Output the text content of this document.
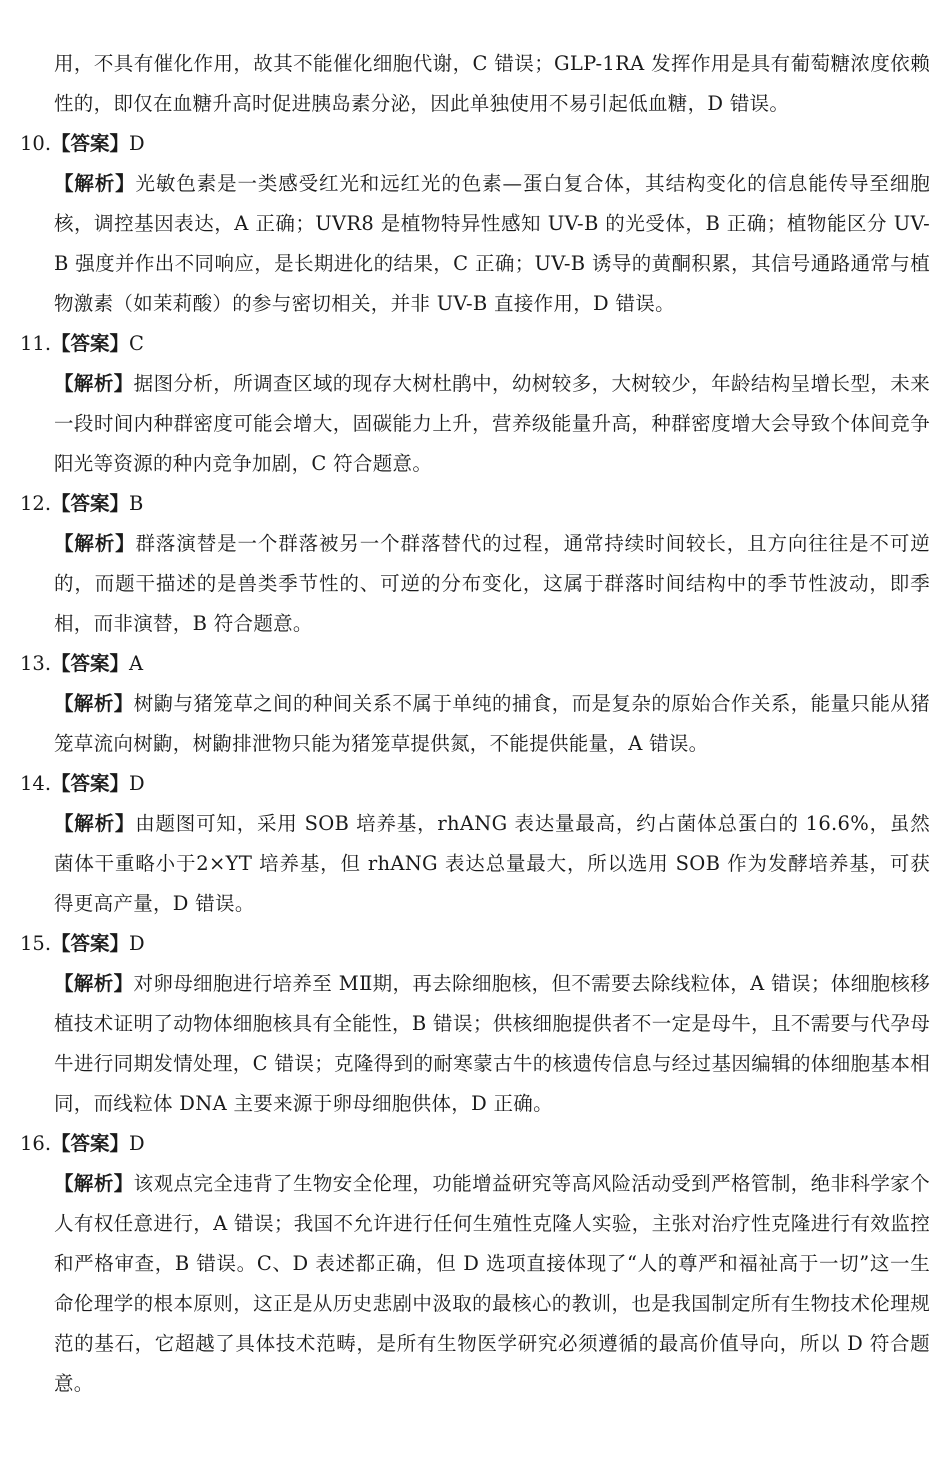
用，不具有催化作用，故其不能催化细胞代谢，C 错误；GLP-1RA 发挥作用是具有葡萄糖浓度依赖性的，即仅在血糖升高时促进胰岛素分泌，因此单独使用不易引起低血糖，D 错误。

10.【答案】D

【解析】光敏色素是一类感受红光和远红光的色素—蛋白复合体，其结构变化的信息能传导至细胞核，调控基因表达，A 正确；UVR8 是植物特异性感知 UV-B 的光受体，B 正确；植物能区分 UV-B 强度并作出不同响应，是长期进化的结果，C 正确；UV-B 诱导的黄酮积累，其信号通路通常与植物激素（如茉莉酸）的参与密切相关，并非 UV-B 直接作用，D 错误。

11.【答案】C

【解析】据图分析，所调查区域的现存大树杜鹃中，幼树较多，大树较少，年龄结构呈增长型，未来一段时间内种群密度可能会增大，固碳能力上升，营养级能量升高，种群密度增大会导致个体间竞争阳光等资源的种内竞争加剧，C 符合题意。

12.【答案】B

【解析】群落演替是一个群落被另一个群落替代的过程，通常持续时间较长，且方向往往是不可逆的，而题干描述的是兽类季节性的、可逆的分布变化，这属于群落时间结构中的季节性波动，即季相，而非演替，B 符合题意。

13.【答案】A

【解析】树鼩与猪笼草之间的种间关系不属于单纯的捕食，而是复杂的原始合作关系，能量只能从猪笼草流向树鼩，树鼩排泄物只能为猪笼草提供氮，不能提供能量，A 错误。

14.【答案】D

【解析】由题图可知，采用 SOB 培养基，rhANG 表达量最高，约占菌体总蛋白的 16.6%，虽然菌体干重略小于2×YT 培养基，但 rhANG 表达总量最大，所以选用 SOB 作为发酵培养基，可获得更高产量，D 错误。

15.【答案】D

【解析】对卵母细胞进行培养至 MⅡ期，再去除细胞核，但不需要去除线粒体，A 错误；体细胞核移植技术证明了动物体细胞核具有全能性，B 错误；供核细胞提供者不一定是母牛，且不需要与代孕母牛进行同期发情处理，C 错误；克隆得到的耐寒蒙古牛的核遗传信息与经过基因编辑的体细胞基本相同，而线粒体 DNA 主要来源于卵母细胞供体，D 正确。

16.【答案】D

【解析】该观点完全违背了生物安全伦理，功能增益研究等高风险活动受到严格管制，绝非科学家个人有权任意进行，A 错误；我国不允许进行任何生殖性克隆人实验，主张对治疗性克隆进行有效监控和严格审查，B 错误。C、D 表述都正确，但 D 选项直接体现了“人的尊严和福祉高于一切”这一生命伦理学的根本原则，这正是从历史悲剧中汲取的最核心的教训，也是我国制定所有生物技术伦理规范的基石，它超越了具体技术范畴，是所有生物医学研究必须遵循的最高价值导向，所以 D 符合题意。
